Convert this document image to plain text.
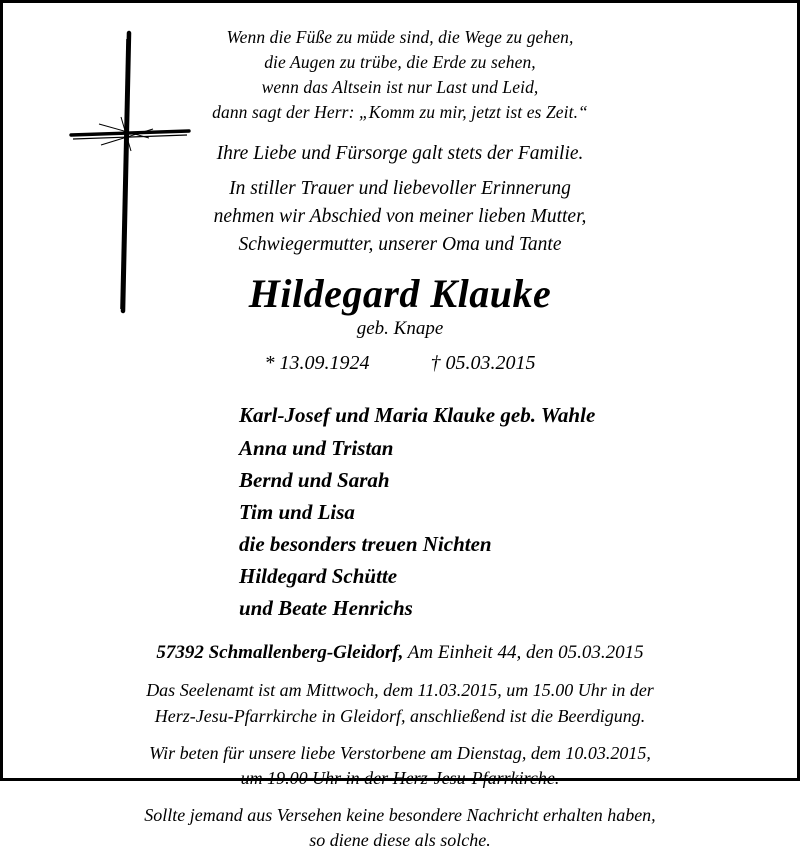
Wenn die Füße zu müde sind, die Wege zu gehen,
die Augen zu trübe, die Erde zu sehen,
wenn das Altsein ist nur Last und Leid,
dann sagt der Herr: „Komm zu mir, jetzt ist es Zeit.“
Ihre Liebe und Fürsorge galt stets der Familie.
In stiller Trauer und liebevoller Erinnerung
nehmen wir Abschied von meiner lieben Mutter,
Schwiegermutter, unserer Oma und Tante
Hildegard Klauke
geb. Knape
* 13.09.1924	† 05.03.2015
Karl-Josef und Maria Klauke geb. Wahle
Anna und Tristan
Bernd und Sarah
Tim und Lisa
die besonders treuen Nichten
Hildegard Schütte
und Beate Henrichs
57392 Schmallenberg-Gleidorf, Am Einheit 44, den 05.03.2015
Das Seelenamt ist am Mittwoch, dem 11.03.2015, um 15.00 Uhr in der
Herz-Jesu-Pfarrkirche in Gleidorf, anschließend ist die Beerdigung.
Wir beten für unsere liebe Verstorbene am Dienstag, dem 10.03.2015,
um 19.00 Uhr in der Herz-Jesu-Pfarrkirche.
Sollte jemand aus Versehen keine besondere Nachricht erhalten haben,
so diene diese als solche.
